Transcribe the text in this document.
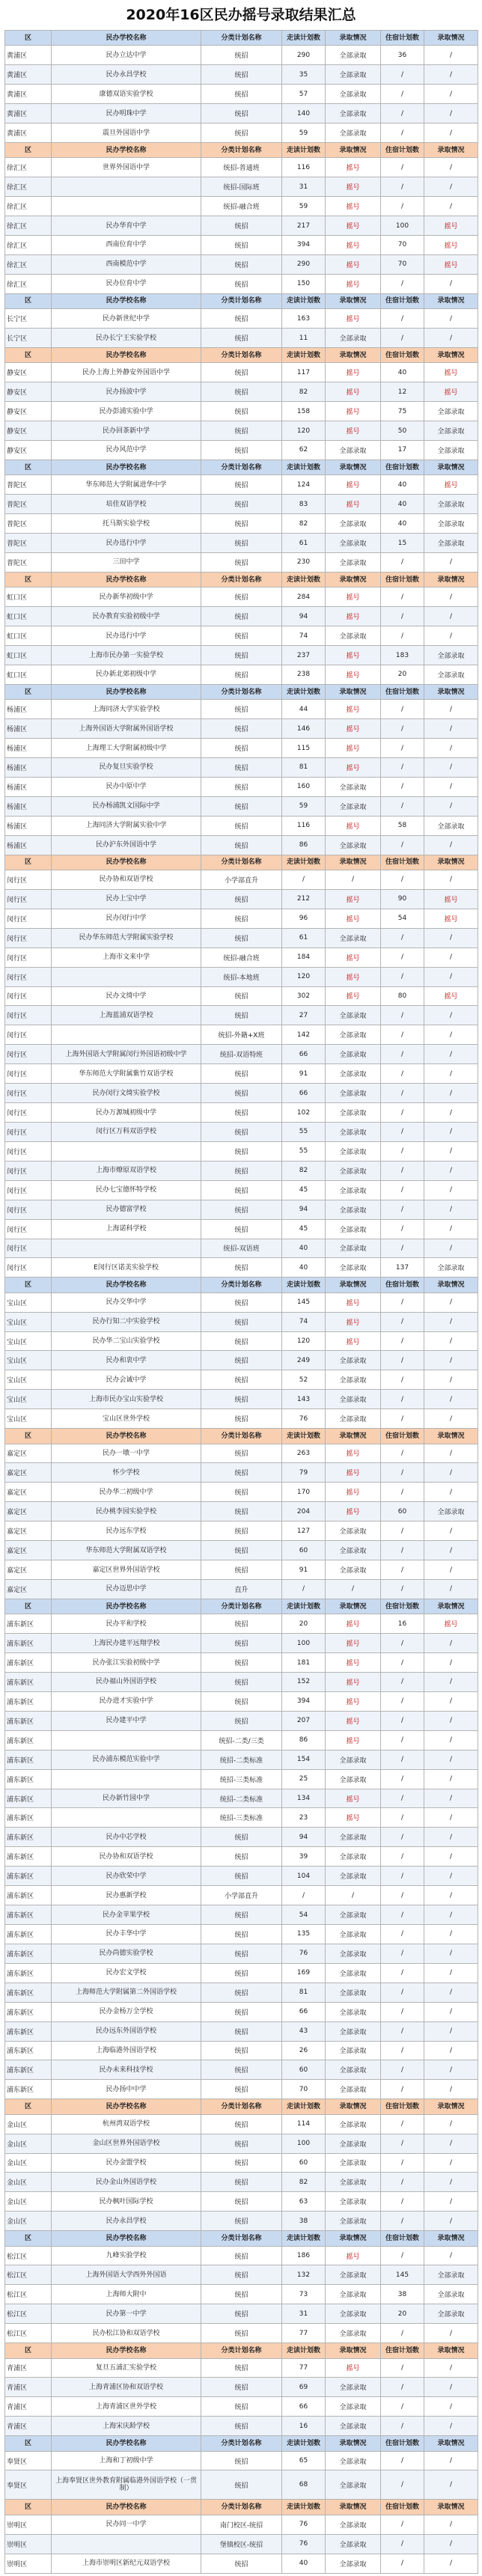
2020年16区民办摇号录取结果汇总
区	民办学校名称	分类计划名称	走读计划数	录取情况	住宿计划数	录取情况
黄浦区	民办立达中学	统招	290	全部录取	36	/
黄浦区	民办永昌学校	统招	35	全部录取	/	/
黄浦区	康德双语实验学校	统招	57	全部录取	/	/
黄浦区	民办明珠中学	统招	140	全部录取	/	/
黄浦区	震旦外国语中学	统招	59	全部录取	/	/
区	民办学校名称	分类计划名称	走读计划数	录取情况	住宿计划数	录取情况
徐汇区	世界外国语中学	统招-普通班	116	摇号	/	/
徐汇区		统招-国际班	31	摇号	/	/
徐汇区		统招-融合班	59	摇号	/	/
徐汇区	民办华育中学	统招	217	摇号	100	摇号
徐汇区	西南位育中学	统招	394	摇号	70	摇号
徐汇区	西南模范中学	统招	290	摇号	70	摇号
徐汇区	民办位育中学	统招	150	摇号	/	/
区	民办学校名称	分类计划名称	走读计划数	录取情况	住宿计划数	录取情况
长宁区	民办新世纪中学	统招	163	摇号	/	/
长宁区	民办长宁王实验学校	统招	11	全部录取	/	/
区	民办学校名称	分类计划名称	走读计划数	录取情况	住宿计划数	录取情况
静安区	民办上海上外静安外国语中学	统招	117	摇号	40	摇号
静安区	民办扬波中学	统招	82	摇号	12	摇号
静安区	民办彭浦实验中学	统招	158	摇号	75	全部录取
静安区	民办回茶新中学	统招	120	摇号	50	全部录取
静安区	民办风范中学	统招	62	全部录取	17	全部录取
区	民办学校名称	分类计划名称	走读计划数	录取情况	住宿计划数	录取情况
普陀区	华东师范大学附属进华中学	统招	124	摇号	40	摇号
普陀区	培佳双语学校	统招	83	摇号	40	全部录取
普陀区	托马斯实验学校	统招	82	全部录取	40	全部录取
普陀区	民办迅行中学	统招	61	全部录取	15	全部录取
普陀区	三田中学	统招	230	全部录取	/	/
区	民办学校名称	分类计划名称	走读计划数	录取情况	住宿计划数	录取情况
虹口区	民办新华初级中学	统招	284	摇号	/	/
虹口区	民办教育实验初级中学	统招	94	摇号	/	/
虹口区	民办迅行中学	统招	74	全部录取	/	/
虹口区	上海市民办第一实验学校	统招	237	摇号	183	全部录取
虹口区	民办新北郊初级中学	统招	238	摇号	20	全部录取
区	民办学校名称	分类计划名称	走读计划数	录取情况	住宿计划数	录取情况
杨浦区	上海同济大学实验学校	统招	44	摇号	/	/
杨浦区	上海外国语大学附属外国语学校	统招	146	摇号	/	/
杨浦区	上海理工大学附属初级中学	统招	115	摇号	/	/
杨浦区	民办复旦实验学校	统招	81	摇号	/	/
杨浦区	民办中原中学	统招	160	全部录取	/	/
杨浦区	民办杨浦凯文国际中学	统招	59	全部录取	/	/
杨浦区	上海同济大学附属实验中学	统招	116	摇号	58	全部录取
杨浦区	民办沪东外国语中学	统招	86	全部录取	/	/
区	民办学校名称	分类计划名称	走读计划数	录取情况	住宿计划数	录取情况
闵行区	民办协和双语学校	小学部直升	/	/	/	/
闵行区	民办上宝中学	统招	212	摇号	90	摇号
闵行区	民办闵行中学	统招	96	摇号	54	摇号
闵行区	民办华东师范大学附属实验学校	统招	61	全部录取	/	/
闵行区	上海市文来中学	统招-融合班	184	摇号	/	/
闵行区		统招-本地班	120	摇号	/	/
闵行区	民办文绮中学	统招	302	摇号	80	摇号
闵行区	上海蓝浦双语学校	统招	27	全部录取	/	/
闵行区		统招-外籍+X班	142	全部录取	/	/
闵行区	上海外国语大学附属闵行外国语初级中学	统招-双语特班	66	全部录取	/	/
闵行区	华东师范大学附属紫竹双语学校	统招	91	全部录取	/	/
闵行区	民办闵行文绮实验学校	统招	66	全部录取	/	/
闵行区	民办万源城初级中学	统招	102	全部录取	/	/
闵行区	闵行区万科双语学校	统招	55	全部录取	/	/
闵行区		统招	55	全部录取	/	/
闵行区	上海市燎原双语学校	统招	82	全部录取	/	/
闵行区	民办七宝德怀特学校	统招	45	全部录取	/	/
闵行区	民办德富学校	统招	94	全部录取	/	/
闵行区	上海诺科学校	统招	45	全部录取	/	/
闵行区		统招-双语班	40	全部录取	/	/
闵行区	E闵行区诺美实验学校	统招	40	全部录取	137	全部录取
区	民办学校名称	分类计划名称	走读计划数	录取情况	住宿计划数	录取情况
宝山区	民办交华中学	统招	145	摇号	/	/
宝山区	民办行知二中实验学校	统招	74	摇号	/	/
宝山区	民办华二宝山实验学校	统招	120	摇号	/	/
宝山区	民办和衷中学	统招	249	全部录取	/	/
宝山区	民办会诚中学	统招	52	全部录取	/	/
宝山区	上海市民办宝山实验学校	统招	143	全部录取	/	/
宝山区	宝山区世外学校	统招	76	全部录取	/	/
区	民办学校名称	分类计划名称	走读计划数	录取情况	住宿计划数	录取情况
嘉定区	民办一墩一中学	统招	263	摇号	/	/
嘉定区	怀少学校	统招	79	摇号	/	/
嘉定区	民办华二初级中学	统招	170	摇号	/	/
嘉定区	民办桃李园实验学校	统招	204	摇号	60	全部录取
嘉定区	民办远东学校	统招	127	全部录取	/	/
嘉定区	华东师范大学附属双语学校	统招	60	全部录取	/	/
嘉定区	嘉定区世界外国语学校	统招	91	全部录取	/	/
嘉定区	民办迈思中学	直升	/	/	/	/
区	民办学校名称	分类计划名称	走读计划数	录取情况	住宿计划数	录取情况
浦东新区	民办平和学校	统招	20	摇号	16	摇号
浦东新区	上海民办建平远翔学校	统招	100	摇号	/	/
浦东新区	民办张江实验初级中学	统招	181	摇号	/	/
浦东新区	民办福山外国语学校	统招	152	摇号	/	/
浦东新区	民办进才实验中学	统招	394	摇号	/	/
浦东新区	民办建平中学	统招	207	摇号	/	/
浦东新区		统招-二类/三类	86	摇号	/	/
浦东新区	民办浦东模范实验中学	统招-二类标准	154	全部录取	/	/
浦东新区		统招-三类标准	25	全部录取	/	/
浦东新区	民办新竹园中学	统招-二类标准	134	摇号	/	/
浦东新区		统招-三类标准	23	摇号	/	/
浦东新区	民办中芯学校	统招	94	全部录取	/	/
浦东新区	民办协和双语学校	统招	39	全部录取	/	/
浦东新区	民办欣荣中学	统招	104	全部录取	/	/
浦东新区	民办惠新学校	小学部直升	/	/	/	/
浦东新区	民办金苹果学校	统招	54	全部录取	/	/
浦东新区	民办丰华中学	统招	135	全部录取	/	/
浦东新区	民办尚德实验学校	统招	76	全部录取	/	/
浦东新区	民办宏文学校	统招	169	全部录取	/	/
浦东新区	上海师范大学附属第二外国语学校	统招	81	全部录取	/	/
浦东新区	民办金杨万全学校	统招	66	全部录取	/	/
浦东新区	民办远东外国语学校	统招	43	全部录取	/	/
浦东新区	上海临港外国语学校	统招	26	全部录取	/	/
浦东新区	民办未来科技学校	统招	60	全部录取	/	/
浦东新区	民办扬中中学	统招	70	全部录取	/	/
区	民办学校名称	分类计划名称	走读计划数	录取情况	住宿计划数	录取情况
金山区	杭州湾双语学校	统招	114	全部录取	/	/
金山区	金山区世界外国语学校	统招	100	全部录取	/	/
金山区	民办金盟学校	统招	60	全部录取	/	/
金山区	民办金山外国语学校	统招	82	全部录取	/	/
金山区	民办枫叶国际学校	统招	63	全部录取	/	/
金山区	民办永昌学校	统招	38	全部录取	/	/
区	民办学校名称	分类计划名称	走读计划数	录取情况	住宿计划数	录取情况
松江区	九峰实验学校	统招	186	摇号	/	/
松江区	上海外国语大学西外外国语	统招	132	全部录取	145	全部录取
松江区	上海师大附中	统招	73	全部录取	38	全部录取
松江区	民办第一中学	统招	31	全部录取	20	全部录取
松江区	民办松江协和双语学校	统招	77	全部录取	/	/
区	民办学校名称	分类计划名称	走读计划数	录取情况	住宿计划数	录取情况
青浦区	复旦五浦汇实验学校	统招	77	摇号	/	/
青浦区	上海青浦区协和双语学校	统招	69	全部录取	/	/
青浦区	上海青浦区世外学校	统招	66	全部录取	/	/
青浦区	上海宋庆龄学校	统招	16	全部录取	/	/
区	民办学校名称	分类计划名称	走读计划数	录取情况	住宿计划数	录取情况
奉贤区	上海和丁初级中学	统招	65	全部录取	/	/
奉贤区	上海奉贤区世外教育附属临港外国语学校（一贯制）	统招	68	全部录取	/	/
区	民办学校名称	分类计划名称	走读计划数	录取情况	住宿计划数	录取情况
崇明区	民办同一中学	南门校区-统招	76	全部录取	/	/
崇明区		堡镇校区-统招	76	全部录取	/	/
崇明区	上海市崇明区新纪元双语学校	统招	40	全部录取	/	/
